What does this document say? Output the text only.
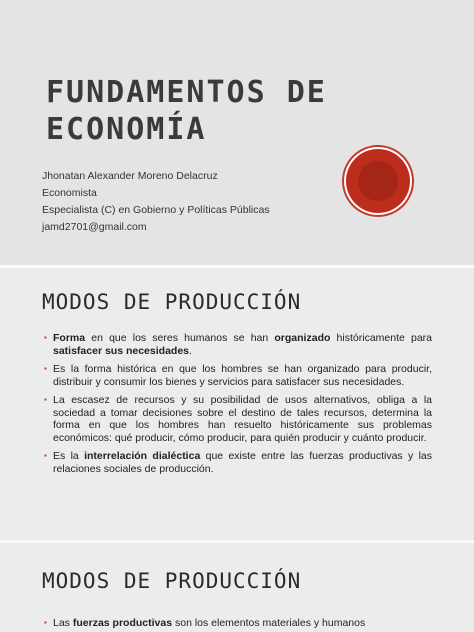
FUNDAMENTOS DE
ECONOMÍA
Jhonatan Alexander Moreno Delacruz
Economista
Especialista (C) en Gobierno y Políticas Públicas
jamd2701@gmail.com
MODOS DE PRODUCCIÓN
▪ Forma en que los seres humanos se han organizado históricamente para satisfacer sus necesidades.
▪ Es la forma histórica en que los hombres se han organizado para producir, distribuir y consumir los bienes y servicios para satisfacer sus necesidades.
▪ La escasez de recursos y su posibilidad de usos alternativos, obliga a la sociedad a tomar decisiones sobre el destino de tales recursos, determina la forma en que los hombres han resuelto históricamente sus problemas económicos: qué producir, cómo producir, para quién producir y cuánto producir.
▪ Es la interrelación dialéctica que existe entre las fuerzas productivas y las relaciones sociales de producción.
MODOS DE PRODUCCIÓN
▪ Las fuerzas productivas son los elementos materiales y humanos
